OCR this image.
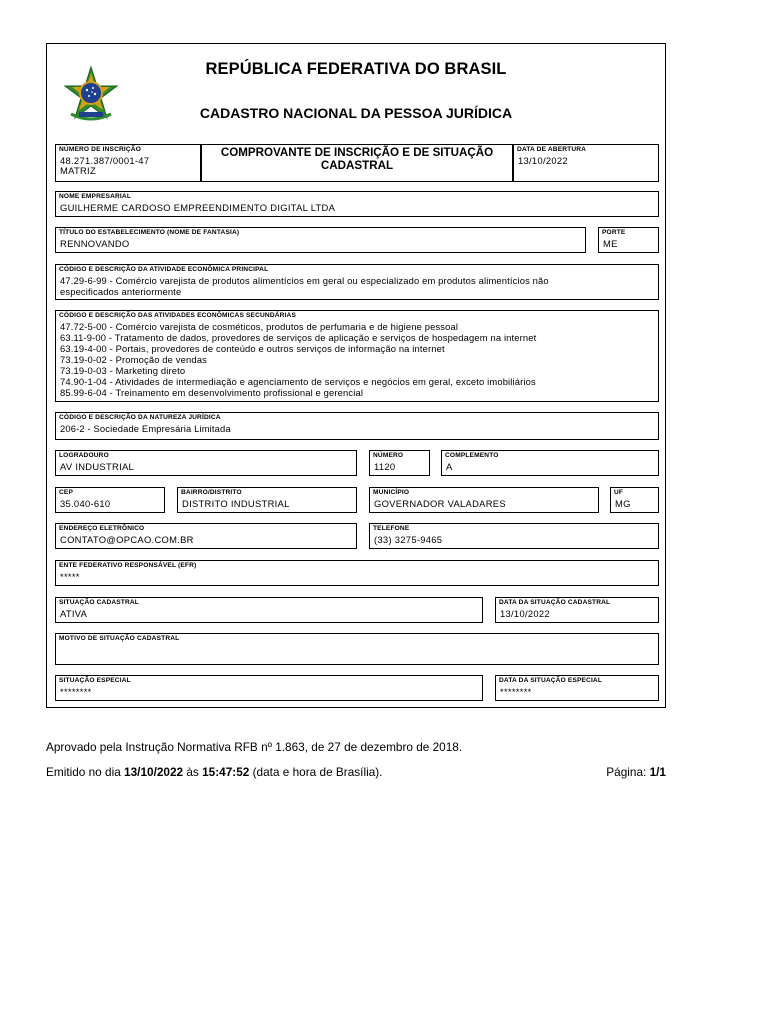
REPÚBLICA FEDERATIVA DO BRASIL
CADASTRO NACIONAL DA PESSOA JURÍDICA
NÚMERO DE INSCRIÇÃO
48.271.387/0001-47
MATRIZ
COMPROVANTE DE INSCRIÇÃO E DE SITUAÇÃO
CADASTRAL
DATA DE ABERTURA
13/10/2022
NOME EMPRESARIAL
GUILHERME CARDOSO EMPREENDIMENTO DIGITAL LTDA
TÍTULO DO ESTABELECIMENTO (NOME DE FANTASIA)
RENNOVANDO
PORTE
ME
CÓDIGO E DESCRIÇÃO DA ATIVIDADE ECONÔMICA PRINCIPAL
47.29-6-99 - Comércio varejista de produtos alimentícios em geral ou especializado em produtos alimentícios não
especificados anteriormente
CÓDIGO E DESCRIÇÃO DAS ATIVIDADES ECONÔMICAS SECUNDÁRIAS
47.72-5-00 - Comércio varejista de cosméticos, produtos de perfumaria e de higiene pessoal
63.11-9-00 - Tratamento de dados, provedores de serviços de aplicação e serviços de hospedagem na internet
63.19-4-00 - Portais, provedores de conteúdo e outros serviços de informação na internet
73.19-0-02 - Promoção de vendas
73.19-0-03 - Marketing direto
74.90-1-04 - Atividades de intermediação e agenciamento de serviços e negócios em geral, exceto imobiliários
85.99-6-04 - Treinamento em desenvolvimento profissional e gerencial
CÓDIGO E DESCRIÇÃO DA NATUREZA JURÍDICA
206-2 - Sociedade Empresária Limitada
LOGRADOURO
AV INDUSTRIAL
NÚMERO
1120
COMPLEMENTO
A
CEP
35.040-610
BAIRRO/DISTRITO
DISTRITO INDUSTRIAL
MUNICÍPIO
GOVERNADOR VALADARES
UF
MG
ENDEREÇO ELETRÔNICO
CONTATO@OPCAO.COM.BR
TELEFONE
(33) 3275-9465
ENTE FEDERATIVO RESPONSÁVEL (EFR)
*****
SITUAÇÃO CADASTRAL
ATIVA
DATA DA SITUAÇÃO CADASTRAL
13/10/2022
MOTIVO DE SITUAÇÃO CADASTRAL
SITUAÇÃO ESPECIAL
********
DATA DA SITUAÇÃO ESPECIAL
********
Aprovado pela Instrução Normativa RFB nº 1.863, de 27 de dezembro de 2018.
Emitido no dia 13/10/2022 às 15:47:52 (data e hora de Brasília).	Página: 1/1
